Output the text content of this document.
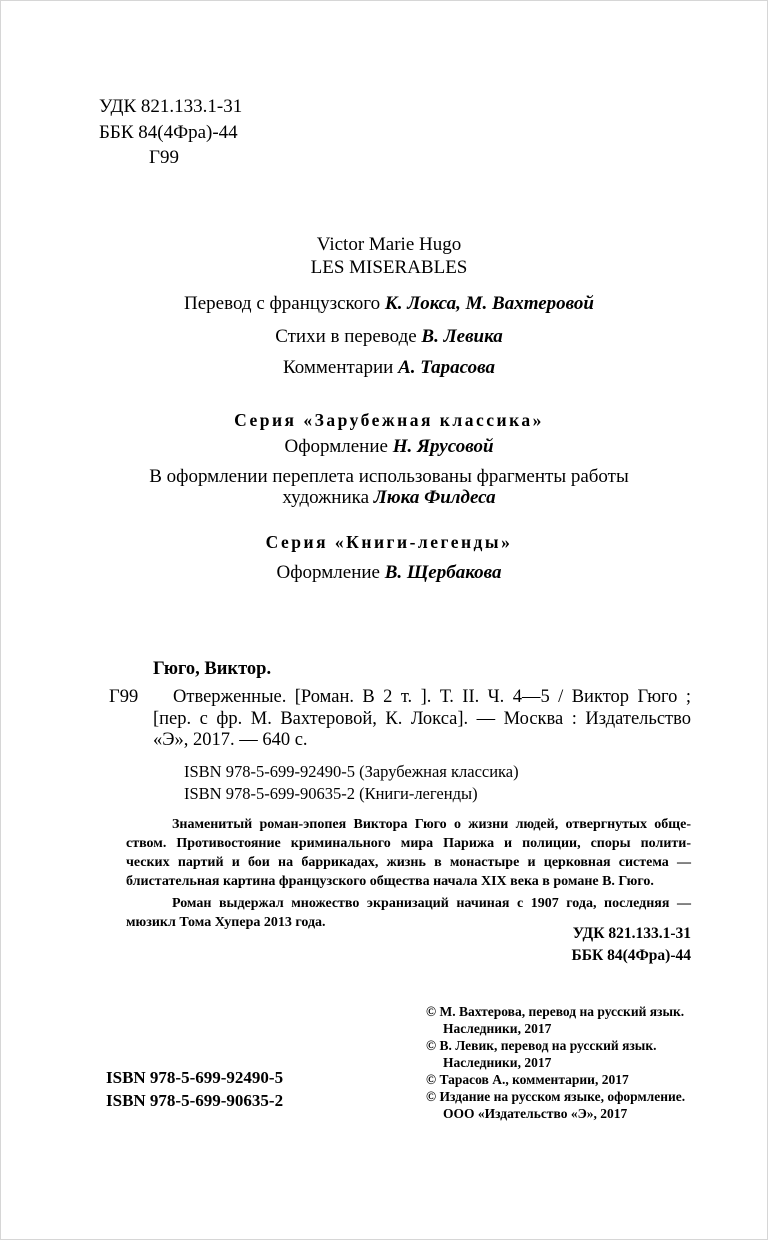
УДК 821.133.1-31
ББК 84(4Фра)-44
Г99
Victor Marie Hugo
LES MISERABLES
Перевод с французского К. Локса, М. Вахтеровой
Стихи в переводе В. Левика
Комментарии А. Тарасова
Серия «Зарубежная классика»
Оформление Н. Ярусовой
В оформлении переплета использованы фрагменты работы
художника Люка Филдеса
Серия «Книги-легенды»
Оформление В. Щербакова
Гюго, Виктор.
Г99	Отверженные. [Роман. В 2 т. ]. Т. II. Ч. 4—5 / Виктор Гюго ;
[пер. с фр. М. Вахтеровой, К. Локса]. — Москва : Издательство
«Э», 2017. — 640 с.
ISBN 978-5-699-92490-5 (Зарубежная классика)
ISBN 978-5-699-90635-2 (Книги-легенды)
Знаменитый роман-эпопея Виктора Гюго о жизни людей, отвергнутых обще-
ством. Противостояние криминального мира Парижа и полиции, споры полити-
ческих партий и бои на баррикадах, жизнь в монастыре и церковная система —
блистательная картина французского общества начала XIX века в романе В. Гюго.
Роман выдержал множество экранизаций начиная с 1907 года, последняя —
мюзикл Тома Хупера 2013 года.
УДК 821.133.1-31
ББК 84(4Фра)-44
© М. Вахтерова, перевод на русский язык.
Наследники, 2017
© В. Левик, перевод на русский язык.
Наследники, 2017
© Тарасов А., комментарии, 2017
© Издание на русском языке, оформление.
ООО «Издательство «Э», 2017
ISBN 978-5-699-92490-5
ISBN 978-5-699-90635-2
